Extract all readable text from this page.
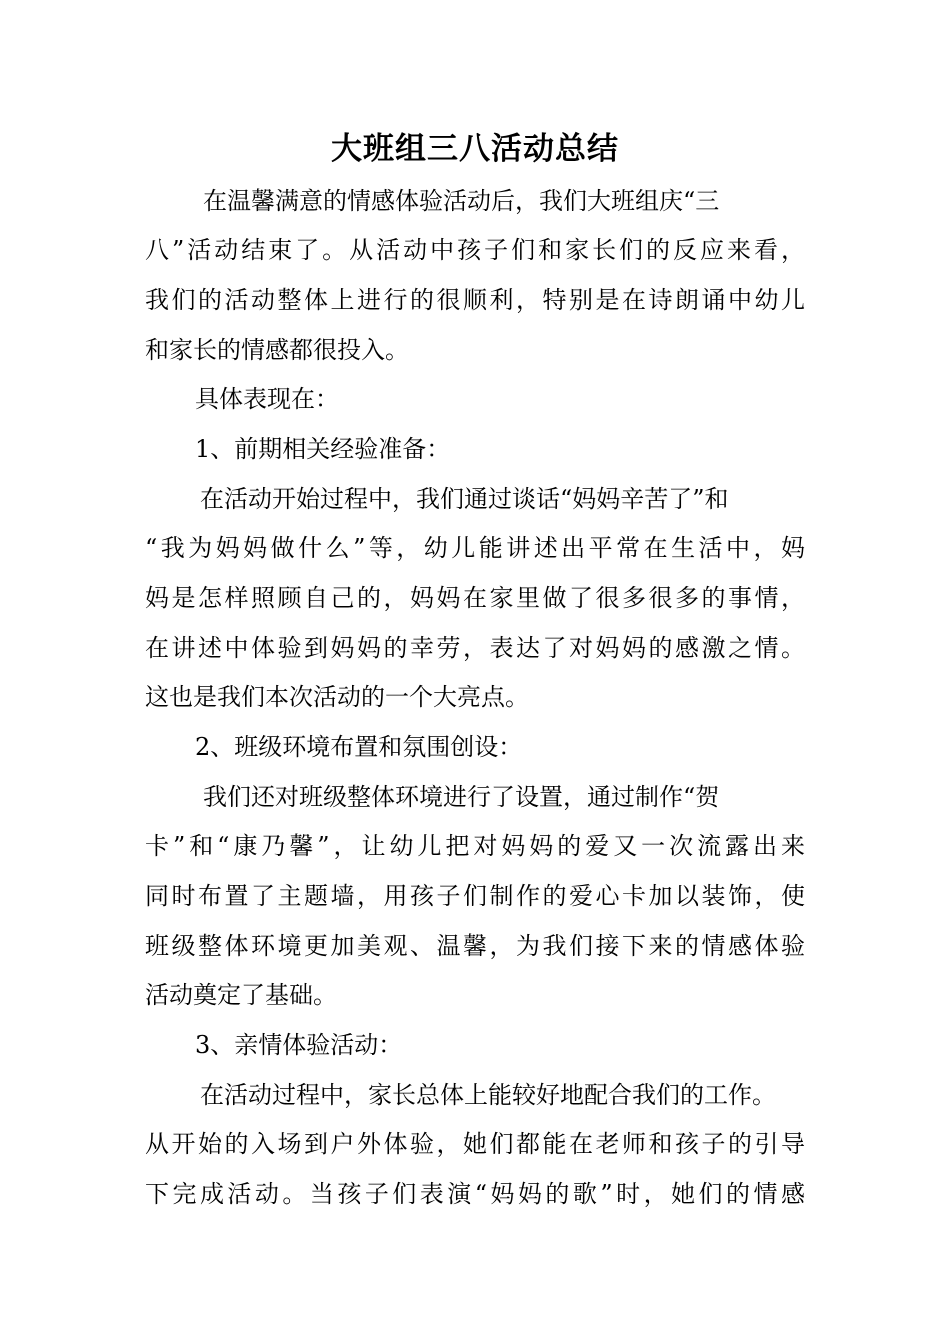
大班组三八活动总结
在温馨满意的情感体验活动后，我们大班组庆“三
八”活动结束了。从活动中孩子们和家长们的反应来看，
我们的活动整体上进行的很顺利，特别是在诗朗诵中幼儿
和家长的情感都很投入。
具体表现在：
1、前期相关经验准备：
在活动开始过程中，我们通过谈话“妈妈辛苦了”和
“我为妈妈做什么”等，幼儿能讲述出平常在生活中，妈
妈是怎样照顾自己的，妈妈在家里做了很多很多的事情，
在讲述中体验到妈妈的幸劳，表达了对妈妈的感激之情。
这也是我们本次活动的一个大亮点。
2、班级环境布置和氛围创设：
我们还对班级整体环境进行了设置，通过制作“贺
卡”和“康乃馨”，让幼儿把对妈妈的爱又一次流露出来
同时布置了主题墙，用孩子们制作的爱心卡加以装饰，使
班级整体环境更加美观、温馨，为我们接下来的情感体验
活动奠定了基础。
3、亲情体验活动：
在活动过程中，家长总体上能较好地配合我们的工作。
从开始的入场到户外体验，她们都能在老师和孩子的引导
下完成活动。当孩子们表演“妈妈的歌”时，她们的情感
